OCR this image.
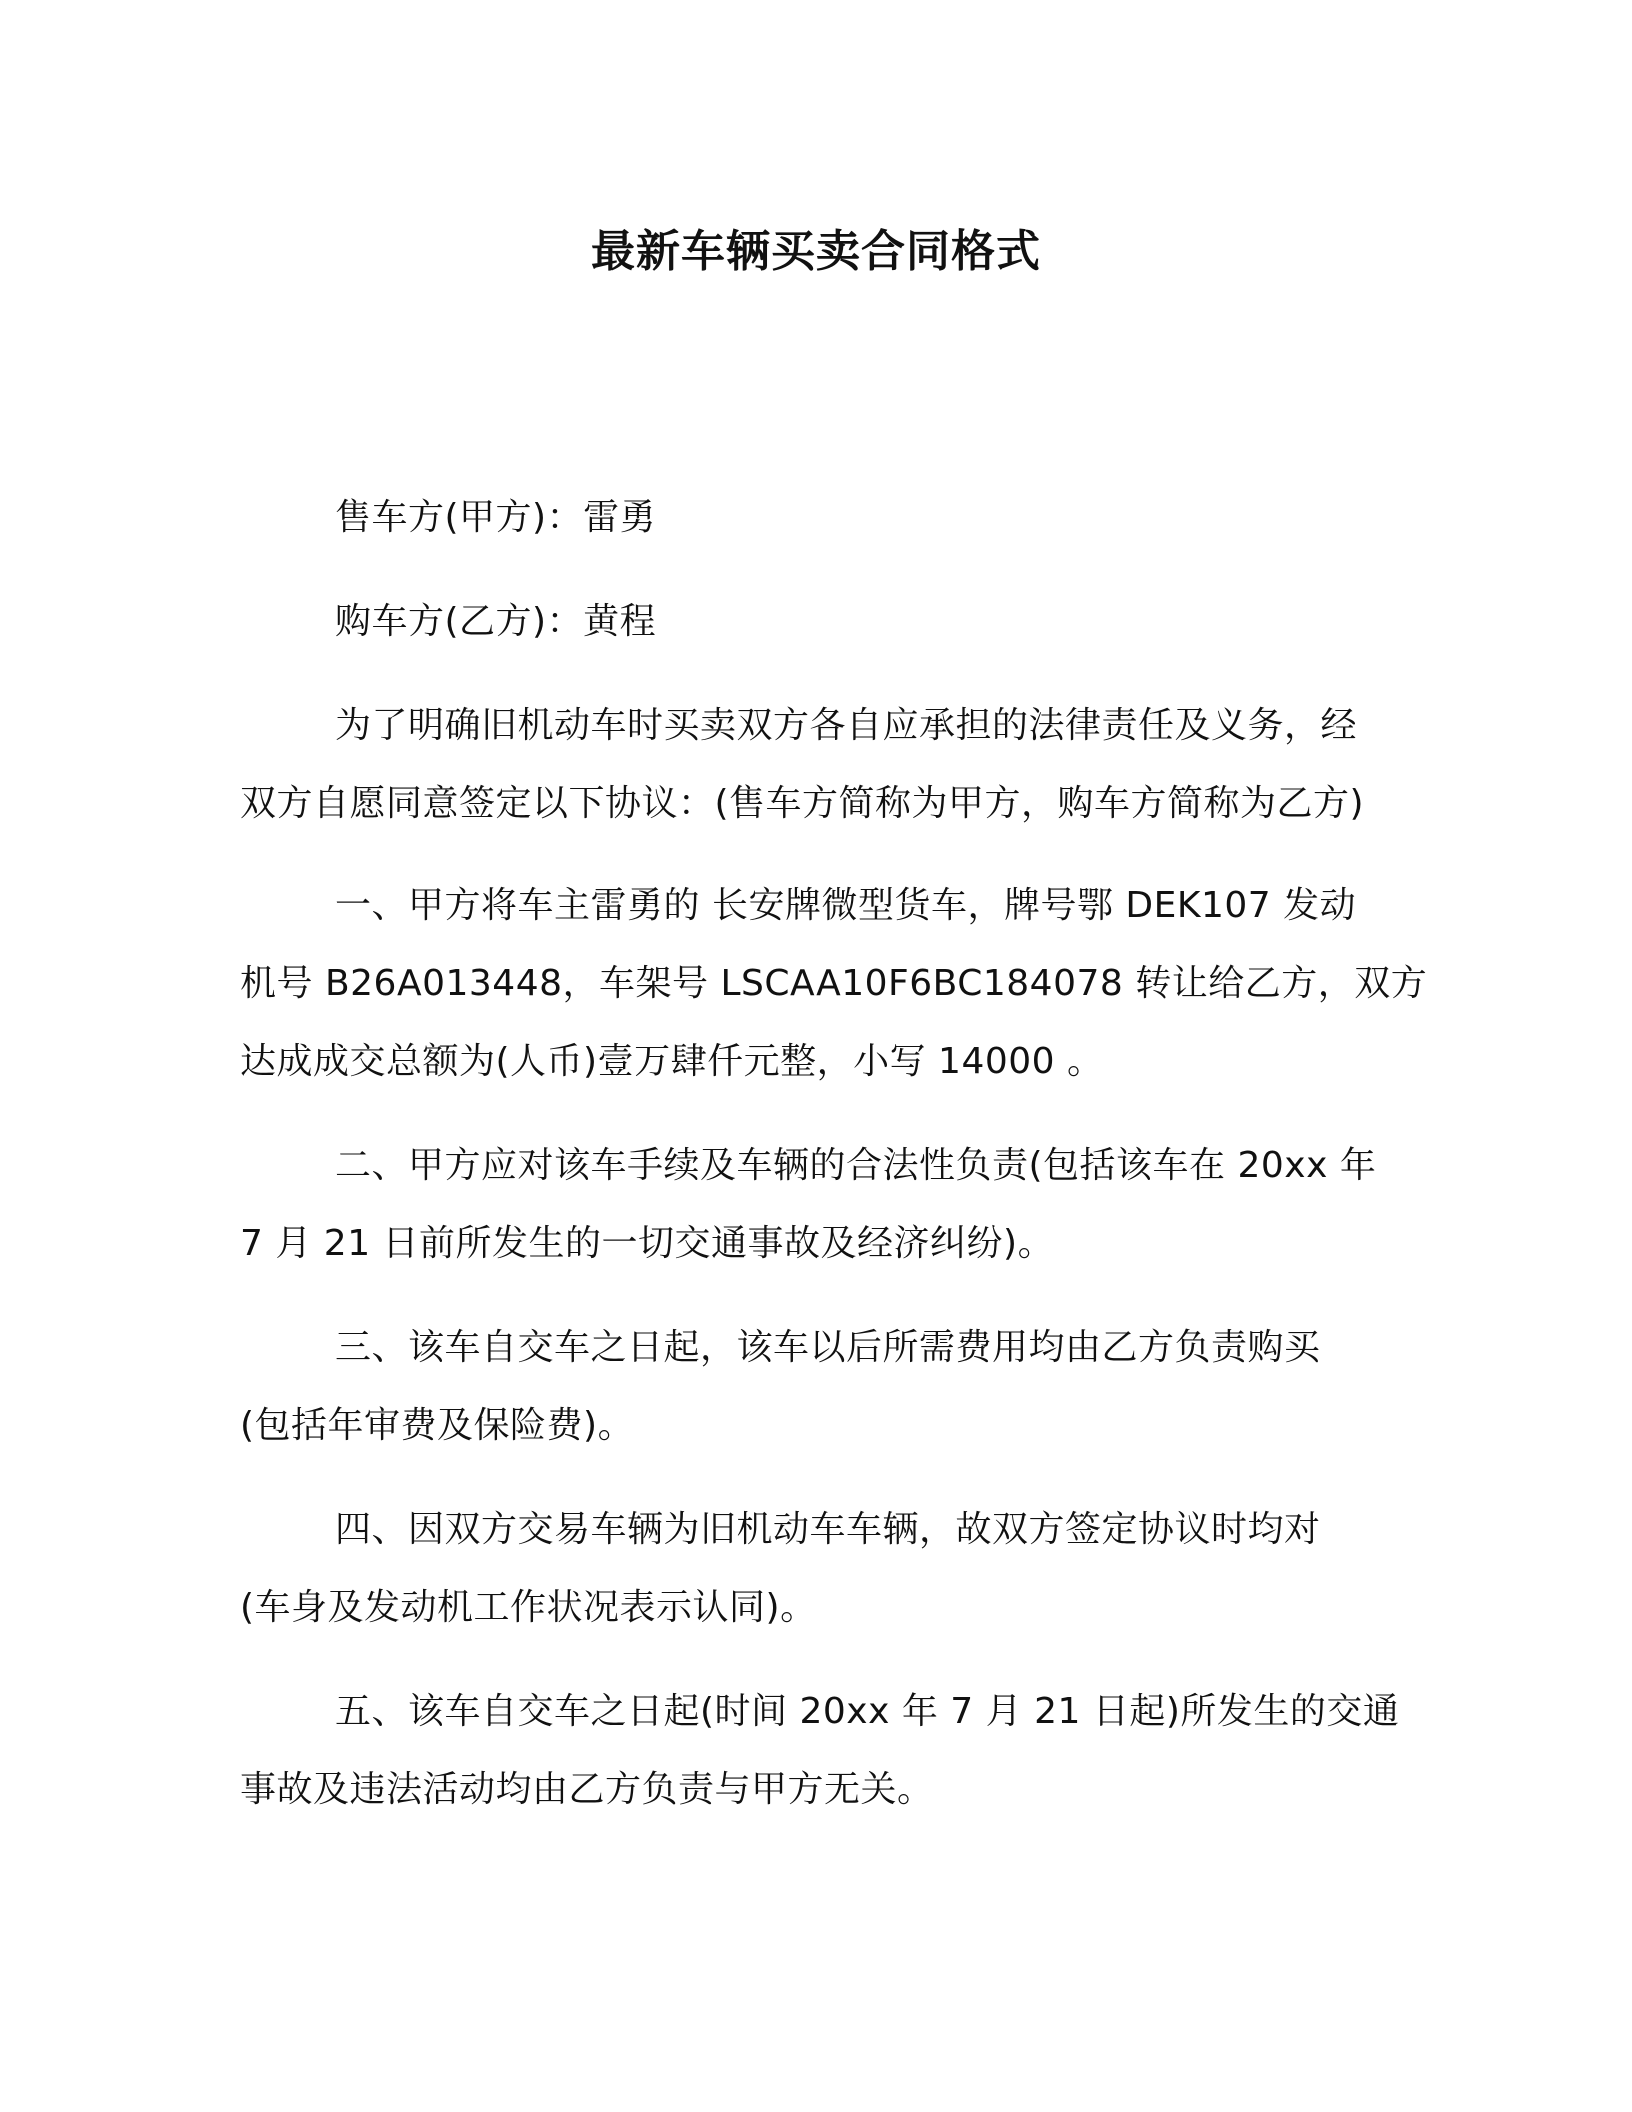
最新车辆买卖合同格式
售车方(甲方)：雷勇
购车方(乙方)：黄程
为了明确旧机动车时买卖双方各自应承担的法律责任及义务，经
双方自愿同意签定以下协议：(售车方简称为甲方，购车方简称为乙方)
一、甲方将车主雷勇的 长安牌微型货车，牌号鄂 DEK107 发动
机号 B26A013448，车架号 LSCAA10F6BC184078 转让给乙方，双方
达成成交总额为(人币)壹万肆仟元整，小写 14000 。
二、甲方应对该车手续及车辆的合法性负责(包括该车在 20xx 年
7 月 21 日前所发生的一切交通事故及经济纠纷)。
三、该车自交车之日起，该车以后所需费用均由乙方负责购买
(包括年审费及保险费)。
四、因双方交易车辆为旧机动车车辆，故双方签定协议时均对
(车身及发动机工作状况表示认同)。
五、该车自交车之日起(时间 20xx 年 7 月 21 日起)所发生的交通
事故及违法活动均由乙方负责与甲方无关。
